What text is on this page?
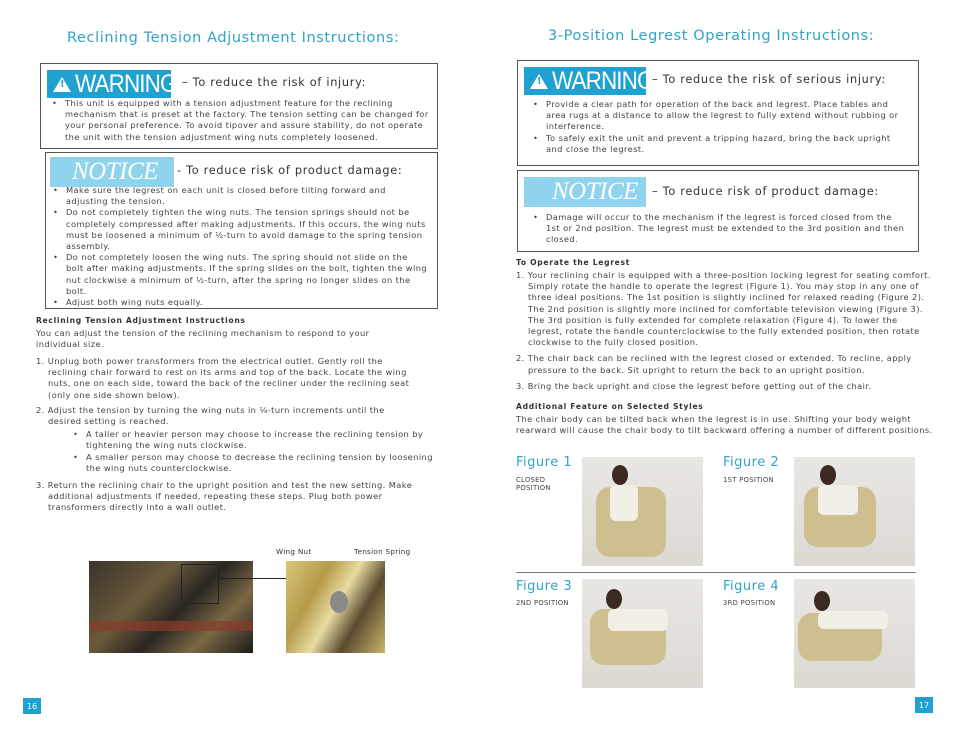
Reclining Tension Adjustment Instructions:
! WARNING – To reduce the risk of injury:
• This unit is equipped with a tension adjustment feature for the reclining mechanism that is preset at the factory. The tension setting can be changed for your personal preference. To avoid tipover and assure stability, do not operate the unit with the tension adjustment wing nuts completely loosened.
NOTICE - To reduce risk of product damage:
• Make sure the legrest on each unit is closed before tilting forward and adjusting the tension.
• Do not completely tighten the wing nuts. The tension springs should not be completely compressed after making adjustments. If this occurs, the wing nuts must be loosened a minimum of ½-turn to avoid damage to the spring tension assembly.
• Do not completely loosen the wing nuts. The spring should not slide on the bolt after making adjustments. If the spring slides on the bolt, tighten the wing nut clockwise a minimum of ½-turn, after the spring no longer slides on the bolt.
• Adjust both wing nuts equally.
Reclining Tension Adjustment Instructions
You can adjust the tension of the reclining mechanism to respond to your individual size.

1. Unplug both power transformers from the electrical outlet. Gently roll the reclining chair forward to rest on its arms and top of the back. Locate the wing nuts, one on each side, toward the back of the recliner under the reclining seat (only one side shown below).

2. Adjust the tension by turning the wing nuts in ⅛-turn increments until the desired setting is reached.

• A taller or heavier person may choose to increase the reclining tension by tightening the wing nuts clockwise.
• A smaller person may choose to decrease the reclining tension by loosening the wing nuts counterclockwise.

3. Return the reclining chair to the upright position and test the new setting. Make additional adjustments if needed, repeating these steps. Plug both power transformers directly into a wall outlet.

Wing Nut	Tension Spring
16
3-Position Legrest Operating Instructions:
! WARNING
– To reduce the risk of serious injury:
• Provide a clear path for operation of the back and legrest. Place tables and area rugs at a distance to allow the legrest to fully extend without rubbing or interference.
• To safely exit the unit and prevent a tripping hazard, bring the back upright and close the legrest.
NOTICE – To reduce risk of product damage:
• Damage will occur to the mechanism if the legrest is forced closed from the 1st or 2nd position. The legrest must be extended to the 3rd position and then closed.
To Operate the Legrest

1. Your reclining chair is equipped with a three-position locking legrest for seating comfort. Simply rotate the handle to operate the legrest (Figure 1). You may stop in any one of three ideal positions. The 1st position is slightly inclined for relaxed reading (Figure 2). The 2nd position is slightly more inclined for comfortable television viewing (Figure 3). The 3rd position is fully extended for complete relaxation (Figure 4). To lower the legrest, rotate the handle counterclockwise to the fully extended position, then rotate clockwise to the fully closed position.

2. The chair back can be reclined with the legrest closed or extended. To recline, apply pressure to the back. Sit upright to return the back to an upright position.

3. Bring the back upright and close the legrest before getting out of the chair.

Additional Feature on Selected Styles
The chair body can be tilted back when the legrest is in use. Shifting your body weight rearward will cause the chair body to tilt backward offering a number of different positions.
Figure 1
CLOSED POSITION
Figure 2
1ST POSITION
Figure 3
2ND POSITION
Figure 4
3RD POSITION
17
